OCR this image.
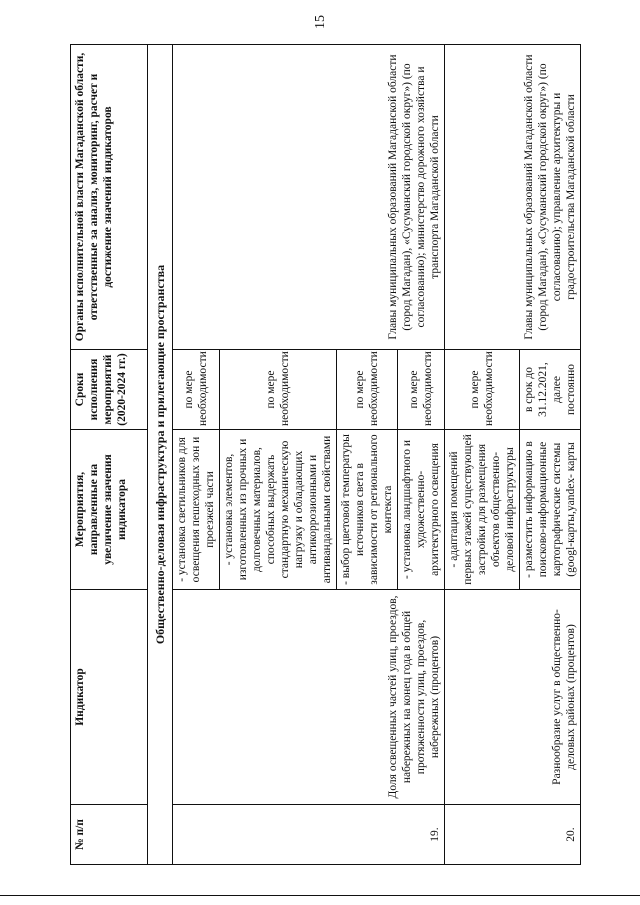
15
№ п/п	Индикатор	Мероприятия, направленные на увеличение значения индикатора	Сроки исполнения мероприятий (2020-2024 гг.)	Органы исполнительной власти Магаданской области, ответственные за анализ, мониторинг, расчет и достижение значений индикаторов
Общественно-деловая инфраструктура и прилегающие пространства				
19.	Доля освещенных частей улиц, проездов, набережных на конец года в общей протяженности улиц, проездов, набережных (процентов)	- установка светильников для освещения пешеходных зон и проезжей части	по мере необходимости	Главы муниципальных образований Магаданской области (город Магадан), «Сусуманский городской округ») (по согласованию); министерство дорожного хозяйства и транспорта Магаданской области
		- установка элементов, изготовленных из прочных и долговечных материалов, способных выдержать стандартную механическую нагрузку и обладающих антикоррозионными и антивандальными свойствами	по мере необходимости	
		- выбор цветовой температуры источников света в зависимости от регионального контекста	по мере необходимости	
		- установка ландшафтного и художественно-архитектурного освещения	по мере необходимости	
20.	Разнообразие услуг в общественно-деловых районах (процентов)	- адаптация помещений первых этажей существующей застройки для размещения объектов общественно-деловой инфраструктуры	по мере необходимости	Главы муниципальных образований Магаданской области (город Магадан), «Сусуманский городской округ») (по согласованию); управление архитектуры и градостроительства Магаданской области
		- разместить информацию в поисково-информационные картографические системы (googl-карты,yandex- карты	в срок до 31.12.2021, далее постоянно	
